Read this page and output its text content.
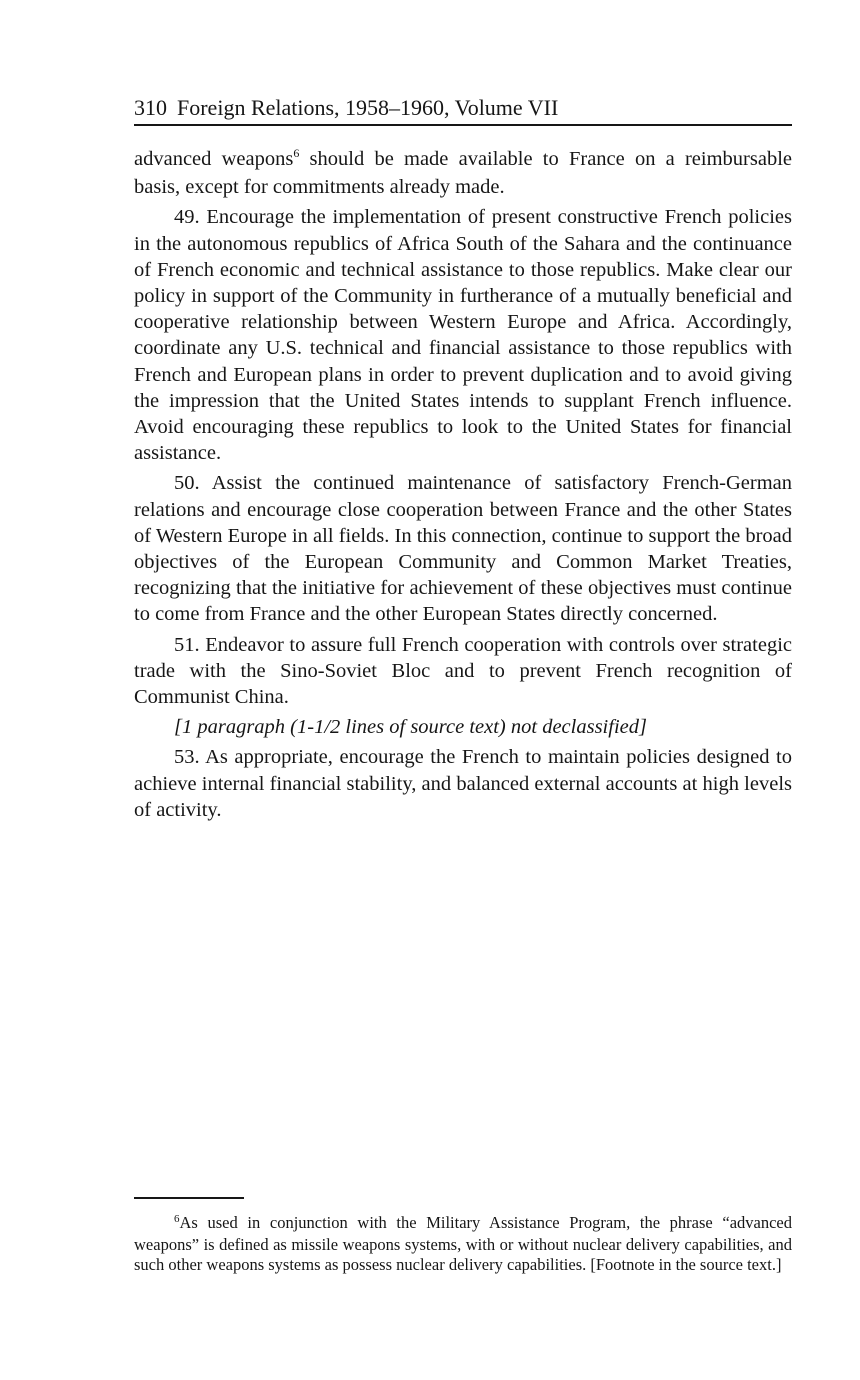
310 Foreign Relations, 1958–1960, Volume VII

advanced weapons$^6$ should be made available to France on a reimbursable basis, except for commitments already made.

49. Encourage the implementation of present constructive French policies in the autonomous republics of Africa South of the Sahara and the continuance of French economic and technical assistance to those republics. Make clear our policy in support of the Community in furtherance of a mutually beneficial and cooperative relationship between Western Europe and Africa. Accordingly, coordinate any U.S. technical and financial assistance to those republics with French and European plans in order to prevent duplication and to avoid giving the impression that the United States intends to supplant French influence. Avoid encouraging these republics to look to the United States for financial assistance.

50. Assist the continued maintenance of satisfactory French-German relations and encourage close cooperation between France and the other States of Western Europe in all fields. In this connection, continue to support the broad objectives of the European Community and Common Market Treaties, recognizing that the initiative for achievement of these objectives must continue to come from France and the other European States directly concerned.

51. Endeavor to assure full French cooperation with controls over strategic trade with the Sino-Soviet Bloc and to prevent French recognition of Communist China.

[1 paragraph (1-1/2 lines of source text) not declassified]

53. As appropriate, encourage the French to maintain policies designed to achieve internal financial stability, and balanced external accounts at high levels of activity.

$^6$As used in conjunction with the Military Assistance Program, the phrase “advanced weapons” is defined as missile weapons systems, with or without nuclear delivery capabilities, and such other weapons systems as possess nuclear delivery capabilities. [Footnote in the source text.]
